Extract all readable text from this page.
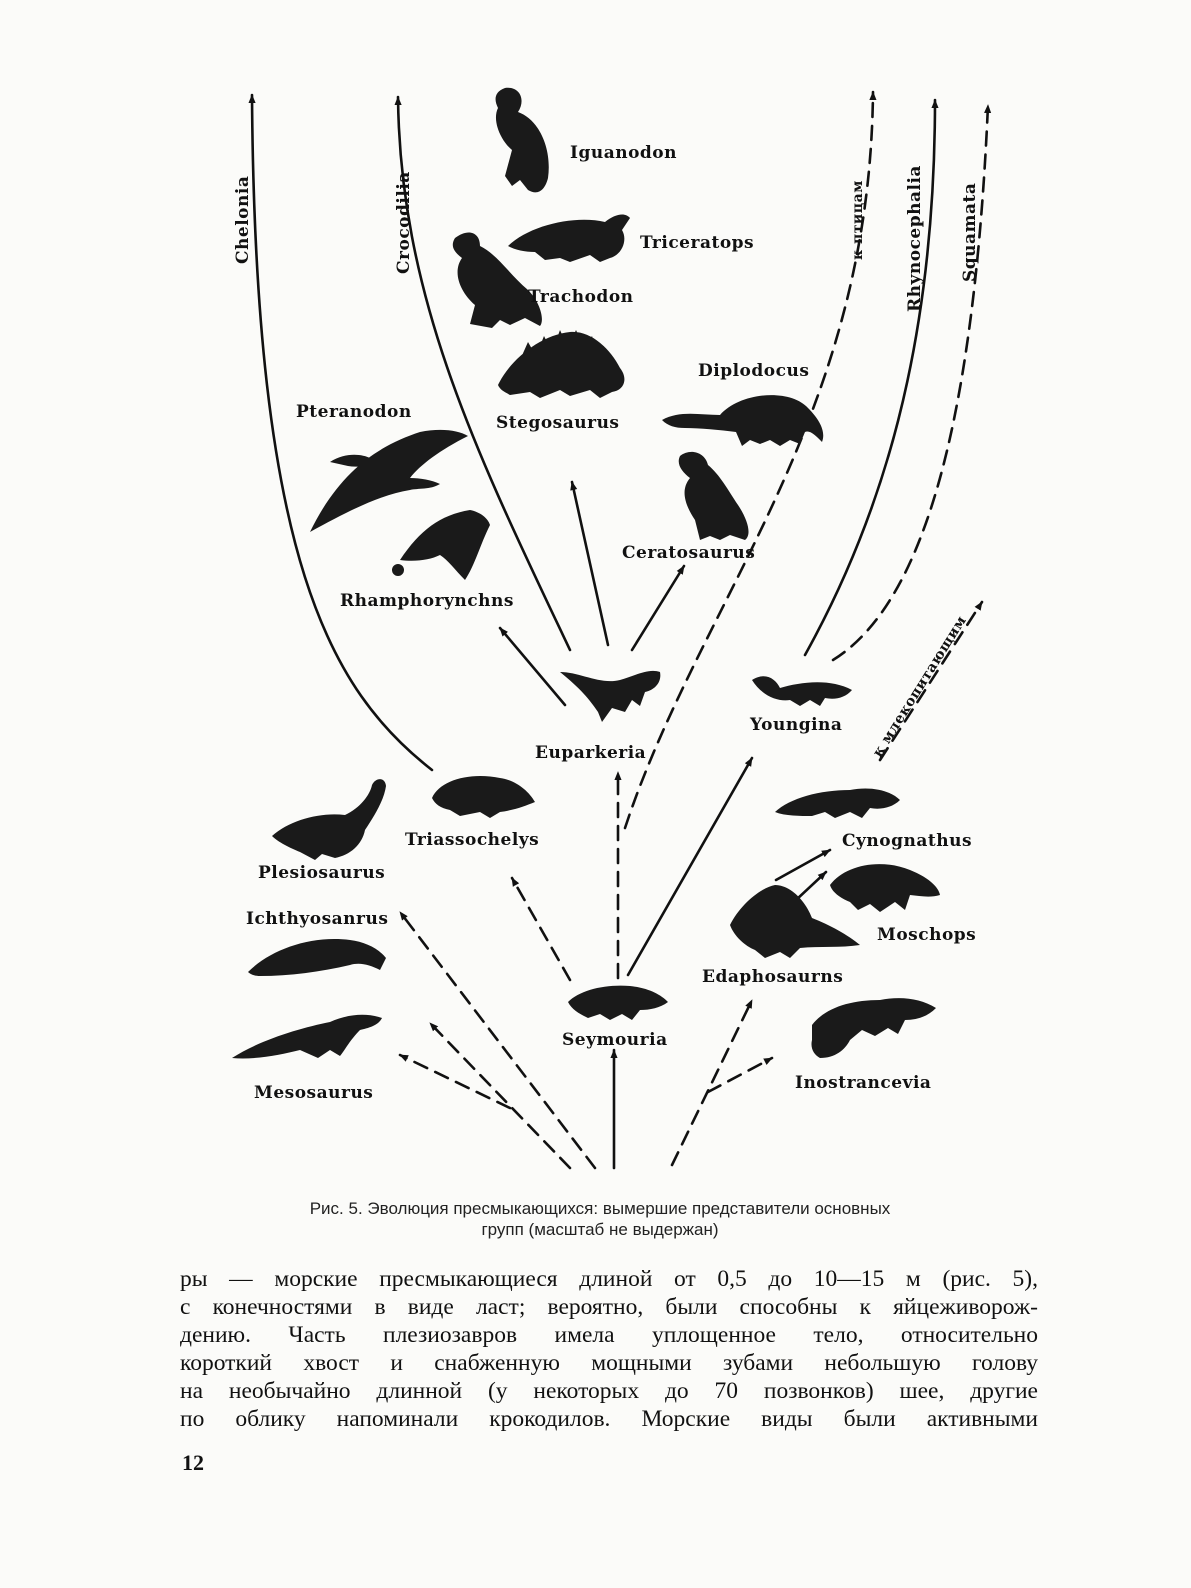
Chelonia	Crocodilia	к птицам Rhynocephalia Squamata
к млекопитающим
Iguanodon
Triceratops
Trachodon
Stegosaurus
Diplodocus
Pteranodon
Ceratosaurus
Rhamphorynchns
Euparkeria
Youngina
Triassochelys
Plesiosaurus
Cynognathus
Ichthyosanrus
Moschops
Edaphosaurns
Seymouria
Mesosaurus	Inostrancevia
Рис. 5. Эволюция пресмыкающихся: вымершие представители основных
групп (масштаб не выдержан)
ры — морские пресмыкающиеся длиной от 0,5 до 10—15 м (рис. 5),
с конечностями в виде ласт; вероятно, были способны к яйцеживорож-
дению. Часть плезиозавров имела уплощенное тело, относительно
короткий хвост и снабженную мощными зубами небольшую голову
на необычайно длинной (у некоторых до 70 позвонков) шее, другие
по облику напоминали крокодилов. Морские виды были активными
12
